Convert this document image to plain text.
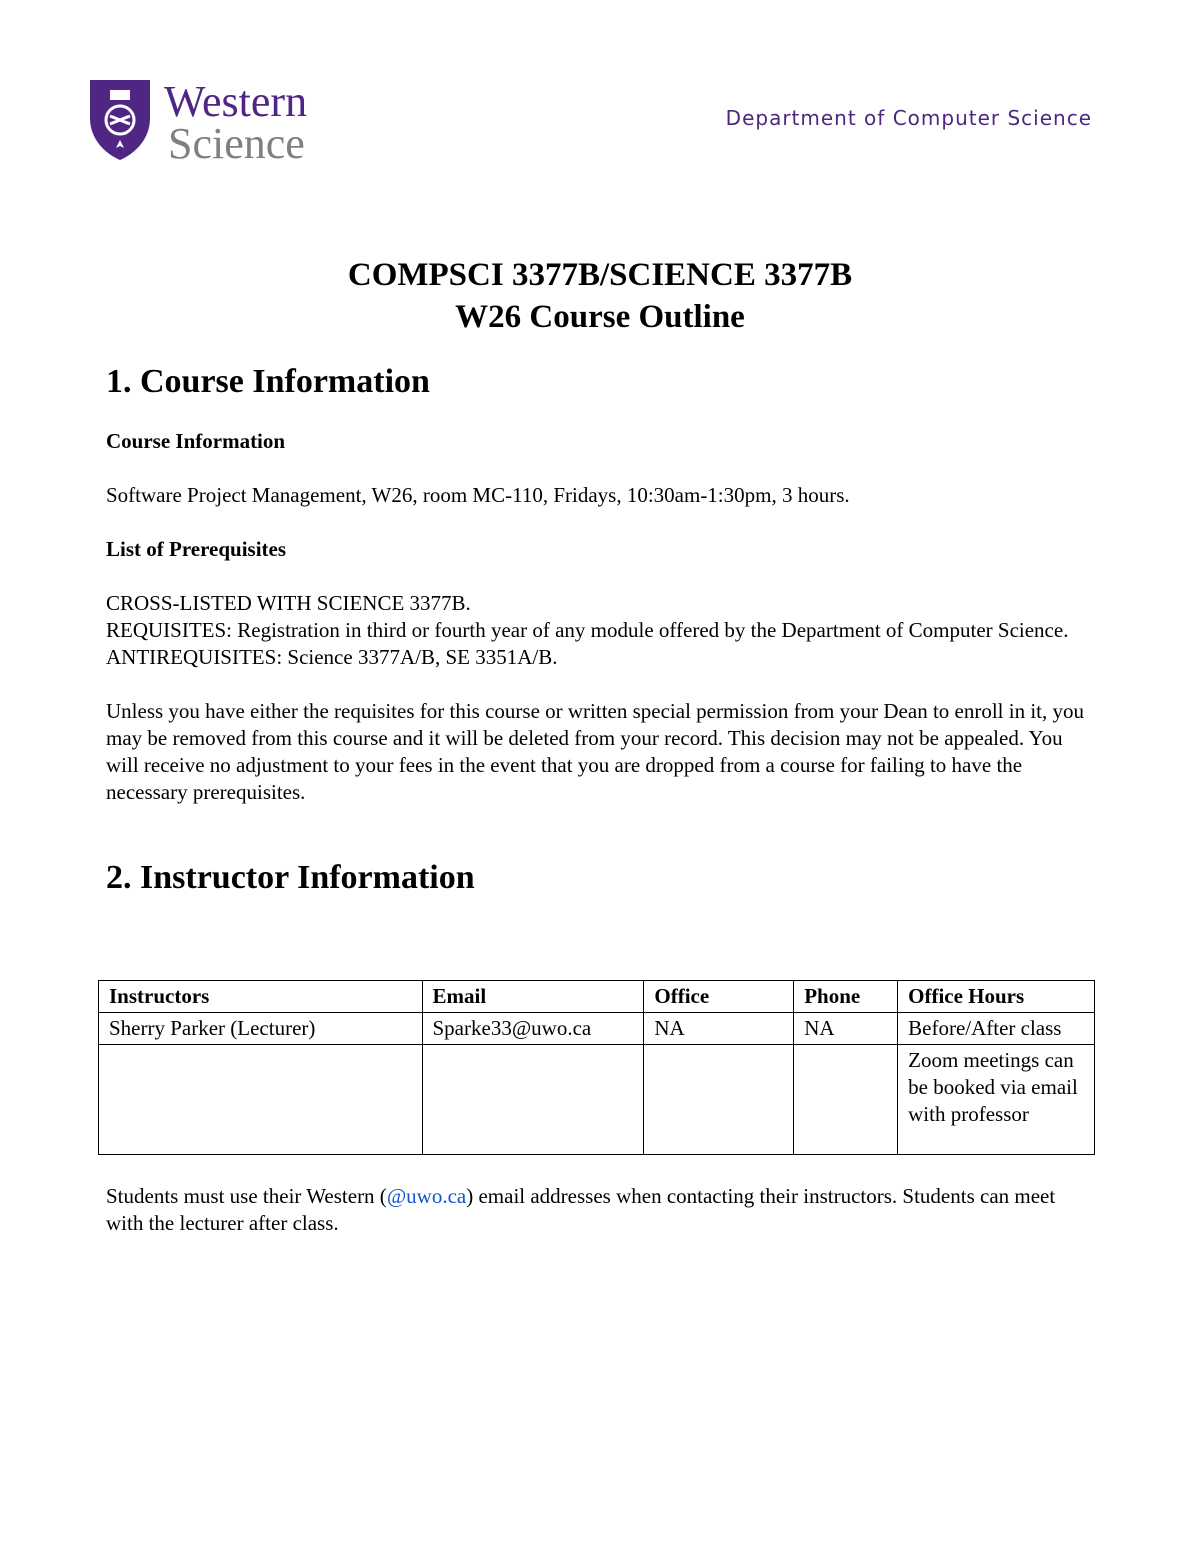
Western
Science
Department of Computer Science
COMPSCI 3377B/SCIENCE 3377B
W26 Course Outline
1. Course Information
Course Information

Software Project Management, W26, room MC-110, Fridays, 10:30am-1:30pm, 3 hours.

List of Prerequisites

CROSS-LISTED WITH SCIENCE 3377B.

REQUISITES: Registration in third or fourth year of any module offered by the Department of Computer Science.

ANTIREQUISITES: Science 3377A/B, SE 3351A/B.

Unless you have either the requisites for this course or written special permission from your Dean to enroll in it, you may be removed from this course and it will be deleted from your record. This decision may not be appealed. You will receive no adjustment to your fees in the event that you are dropped from a course for failing to have the necessary prerequisites.

2. Instructor Information
Instructors	Email	Office	Phone	Office Hours
Sherry Parker (Lecturer)	Sparke33@uwo.ca	NA	NA	Before/After class
				Zoom meetings can be booked via email with professor

Students must use their Western (@uwo.ca) email addresses when contacting their instructors. Students can meet with the lecturer after class.
